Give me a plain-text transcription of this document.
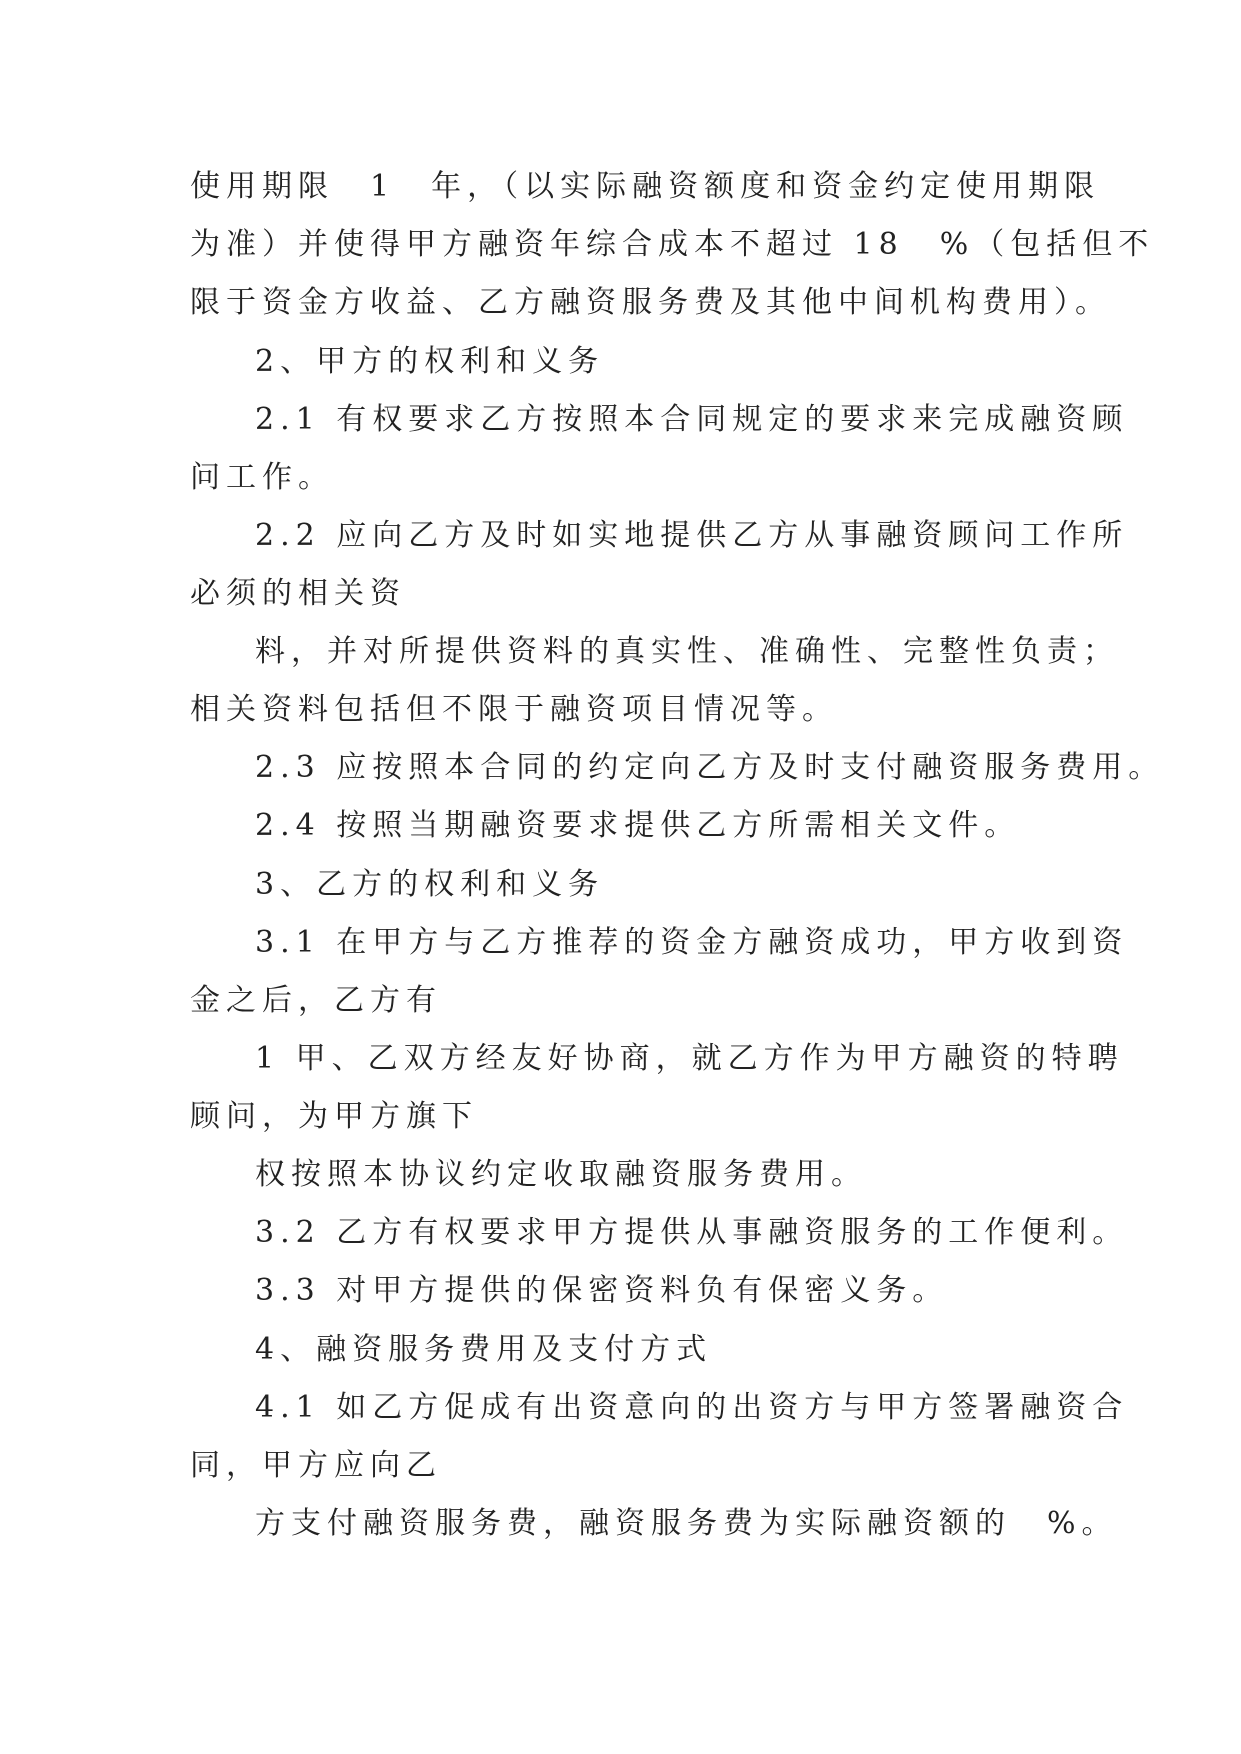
使用期限　1　年，（以实际融资额度和资金约定使用期限
为准）并使得甲方融资年综合成本不超过 18　%（包括但不
限于资金方收益、乙方融资服务费及其他中间机构费用）。
2、甲方的权利和义务
2.1 有权要求乙方按照本合同规定的要求来完成融资顾
问工作。
2.2 应向乙方及时如实地提供乙方从事融资顾问工作所
必须的相关资
料，并对所提供资料的真实性、准确性、完整性负责；
相关资料包括但不限于融资项目情况等。
2.3 应按照本合同的约定向乙方及时支付融资服务费用。
2.4 按照当期融资要求提供乙方所需相关文件。
3、乙方的权利和义务
3.1 在甲方与乙方推荐的资金方融资成功，甲方收到资
金之后，乙方有
1 甲、乙双方经友好协商，就乙方作为甲方融资的特聘
顾问，为甲方旗下
权按照本协议约定收取融资服务费用。
3.2 乙方有权要求甲方提供从事融资服务的工作便利。
3.3 对甲方提供的保密资料负有保密义务。
4、融资服务费用及支付方式
4.1 如乙方促成有出资意向的出资方与甲方签署融资合
同，甲方应向乙
方支付融资服务费，融资服务费为实际融资额的　%。
